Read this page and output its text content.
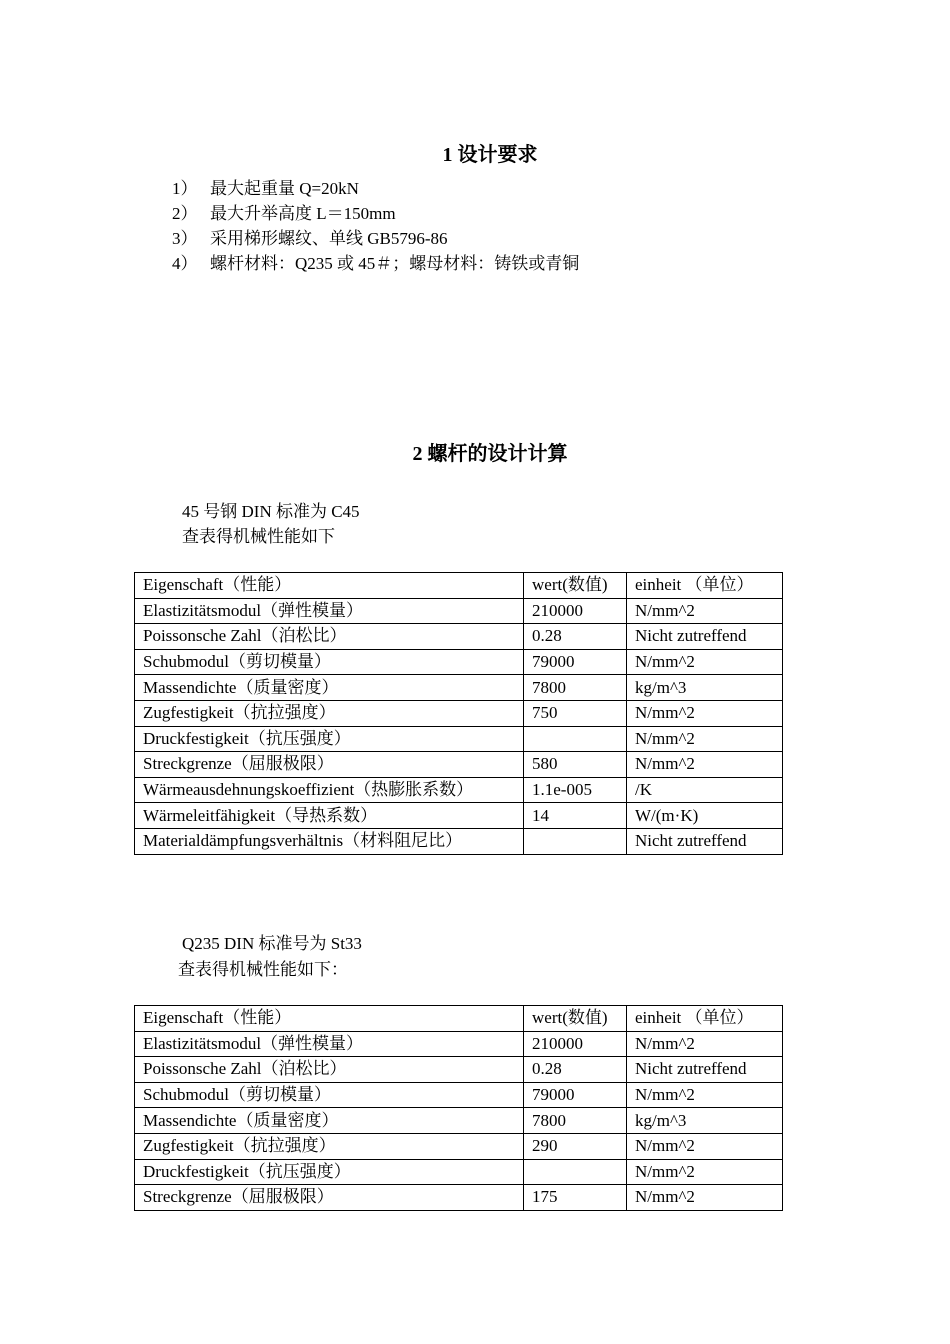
1 设计要求
1） 最大起重量 Q=20kN
2） 最大升举高度 L＝150mm
3） 采用梯形螺纹、单线 GB5796-86
4） 螺杆材料：Q235 或 45＃；螺母材料：铸铁或青铜
2 螺杆的设计计算
45 号钢 DIN 标准为 C45
查表得机械性能如下
Eigenschaft（性能）	wert(数值)	einheit （单位）
Elastizitätsmodul（弹性模量）	210000	N/mm^2
Poissonsche Zahl（泊松比）	0.28	Nicht zutreffend
Schubmodul（剪切模量）	79000	N/mm^2
Massendichte（质量密度）	7800	kg/m^3
Zugfestigkeit（抗拉强度）	750	N/mm^2
Druckfestigkeit（抗压强度）		N/mm^2
Streckgrenze（屈服极限）	580	N/mm^2
Wärmeausdehnungskoeffizient（热膨胀系数）	1.1e-005	/K
Wärmeleitfähigkeit（导热系数）	14	W/(m·K)
Materialdämpfungsverhältnis（材料阻尼比）		Nicht zutreffend
Q235 DIN 标准号为 St33
查表得机械性能如下：
Eigenschaft（性能）	wert(数值)	einheit （单位）
Elastizitätsmodul（弹性模量）	210000	N/mm^2
Poissonsche Zahl（泊松比）	0.28	Nicht zutreffend
Schubmodul（剪切模量）	79000	N/mm^2
Massendichte（质量密度）	7800	kg/m^3
Zugfestigkeit（抗拉强度）	290	N/mm^2
Druckfestigkeit（抗压强度）		N/mm^2
Streckgrenze（屈服极限）	175	N/mm^2
